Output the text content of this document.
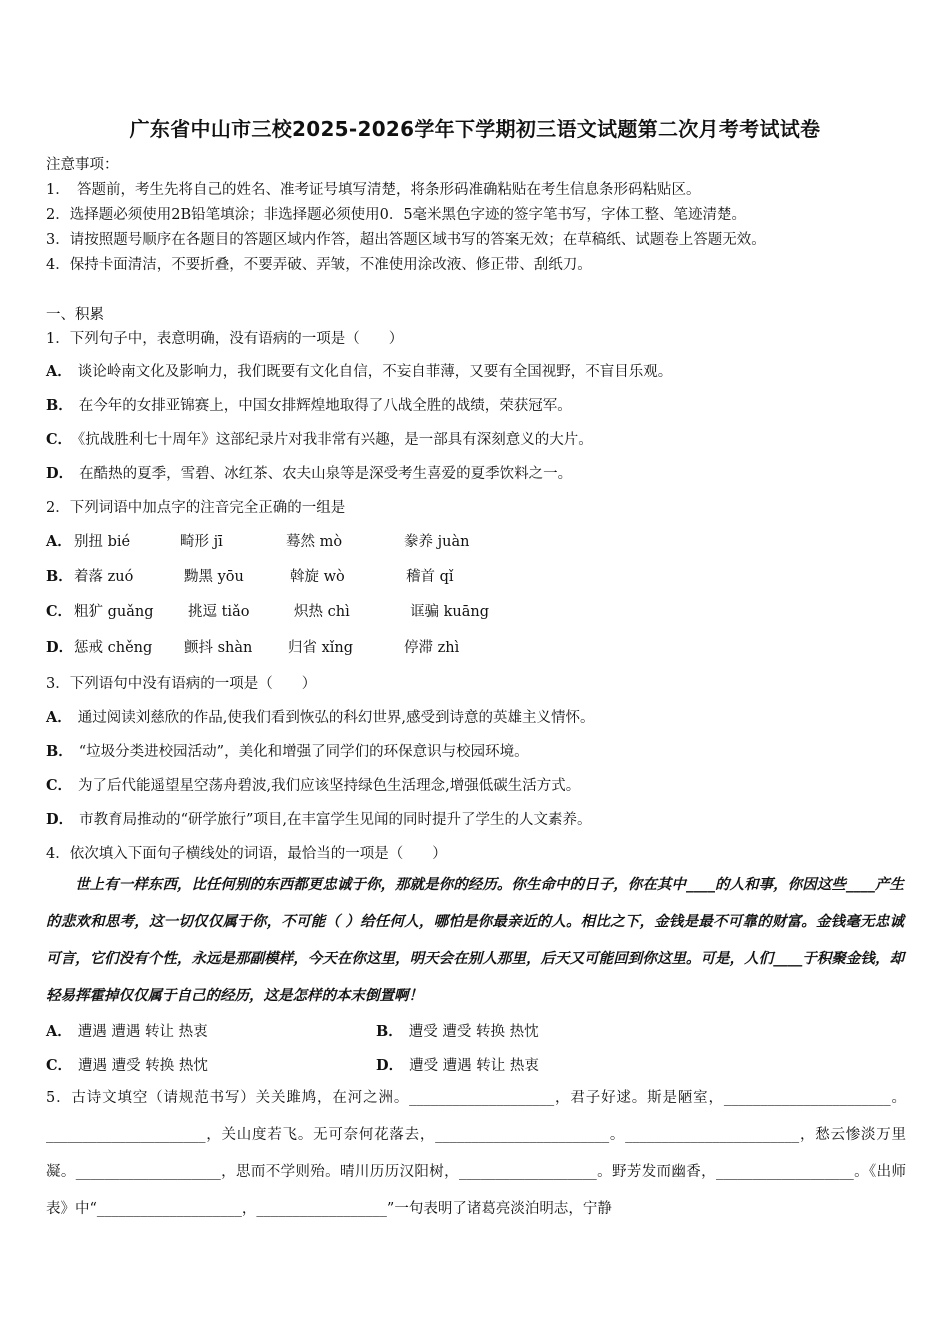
广东省中山市三校2025-2026学年下学期初三语文试题第二次月考考试试卷
注意事项：
1．　答题前，考生先将自己的姓名、准考证号填写清楚，将条形码准确粘贴在考生信息条形码粘贴区。
2．选择题必须使用2B铅笔填涂；非选择题必须使用0．5毫米黑色字迹的签字笔书写，字体工整、笔迹清楚。
3．请按照题号顺序在各题目的答题区域内作答，超出答题区域书写的答案无效；在草稿纸、试题卷上答题无效。
4．保持卡面清洁，不要折叠，不要弄破、弄皱，不准使用涂改液、修正带、刮纸刀。
一、积累
1．下列句子中，表意明确，没有语病的一项是（　　）
A． 谈论岭南文化及影响力，我们既要有文化自信，不妄自菲薄，又要有全国视野，不盲目乐观。
B． 在今年的女排亚锦赛上，中国女排辉煌地取得了八战全胜的战绩，荣获冠军。
C． 《抗战胜利七十周年》这部纪录片对我非常有兴趣，是一部具有深刻意义的大片。
D． 在酷热的夏季，雪碧、冰红茶、农夫山泉等是深受考生喜爱的夏季饮料之一。
2．下列词语中加点字的注音完全正确的一组是
A． 别扭 bié	畸形 jī	蓦然 mò	豢养 juàn
B． 着落 zuó	黝黑 yōu	斡旋 wò	稽首 qǐ
C． 粗犷 guǎng 挑逗 tiǎo	炽热 chì	诓骗 kuāng
D． 惩戒 chěng 颤抖 shàn 归省 xǐng	停滞 zhì
3．下列语句中没有语病的一项是（　　）
A． 通过阅读刘慈欣的作品,使我们看到恢弘的科幻世界,感受到诗意的英雄主义情怀。
B． “垃圾分类进校园活动”，美化和增强了同学们的环保意识与校园环境。
C． 为了后代能遥望星空荡舟碧波,我们应该坚持绿色生活理念,增强低碳生活方式。
D． 市教育局推动的“研学旅行”项目,在丰富学生见闻的同时提升了学生的人文素养。
4．依次填入下面句子横线处的词语，最恰当的一项是（　　）
　　世上有一样东西，比任何别的东西都更忠诚于你，那就是你的经历。你生命中的日子，你在其中____的人和事，你因这些____产生的悲欢和思考，这一切仅仅属于你，不可能（ ）给任何人，哪怕是你最亲近的人。相比之下，金钱是最不可靠的财富。金钱毫无忠诚可言，它们没有个性，永远是那副模样，今天在你这里，明天会在别人那里，后天又可能回到你这里。可是，人们____于积聚金钱，却轻易挥霍掉仅仅属于自己的经历，这是怎样的本末倒置啊！
A． 遭遇 遭遇 转让 热衷	B． 遭受 遭受 转换 热忱
C． 遭遇 遭受 转换 热忱	D． 遭受 遭遇 转让 热衷
5．古诗文填空（请规范书写）关关雎鸠，在河之洲。____________________，君子好逑。斯是陋室，_______________________。______________________，关山度若飞。无可奈何花落去，________________________。________________________，愁云惨淡万里凝。____________________，思而不学则殆。晴川历历汉阳树，___________________。野芳发而幽香，___________________。《出师表》中“____________________，__________________”一句表明了诸葛亮淡泊明志，宁静
